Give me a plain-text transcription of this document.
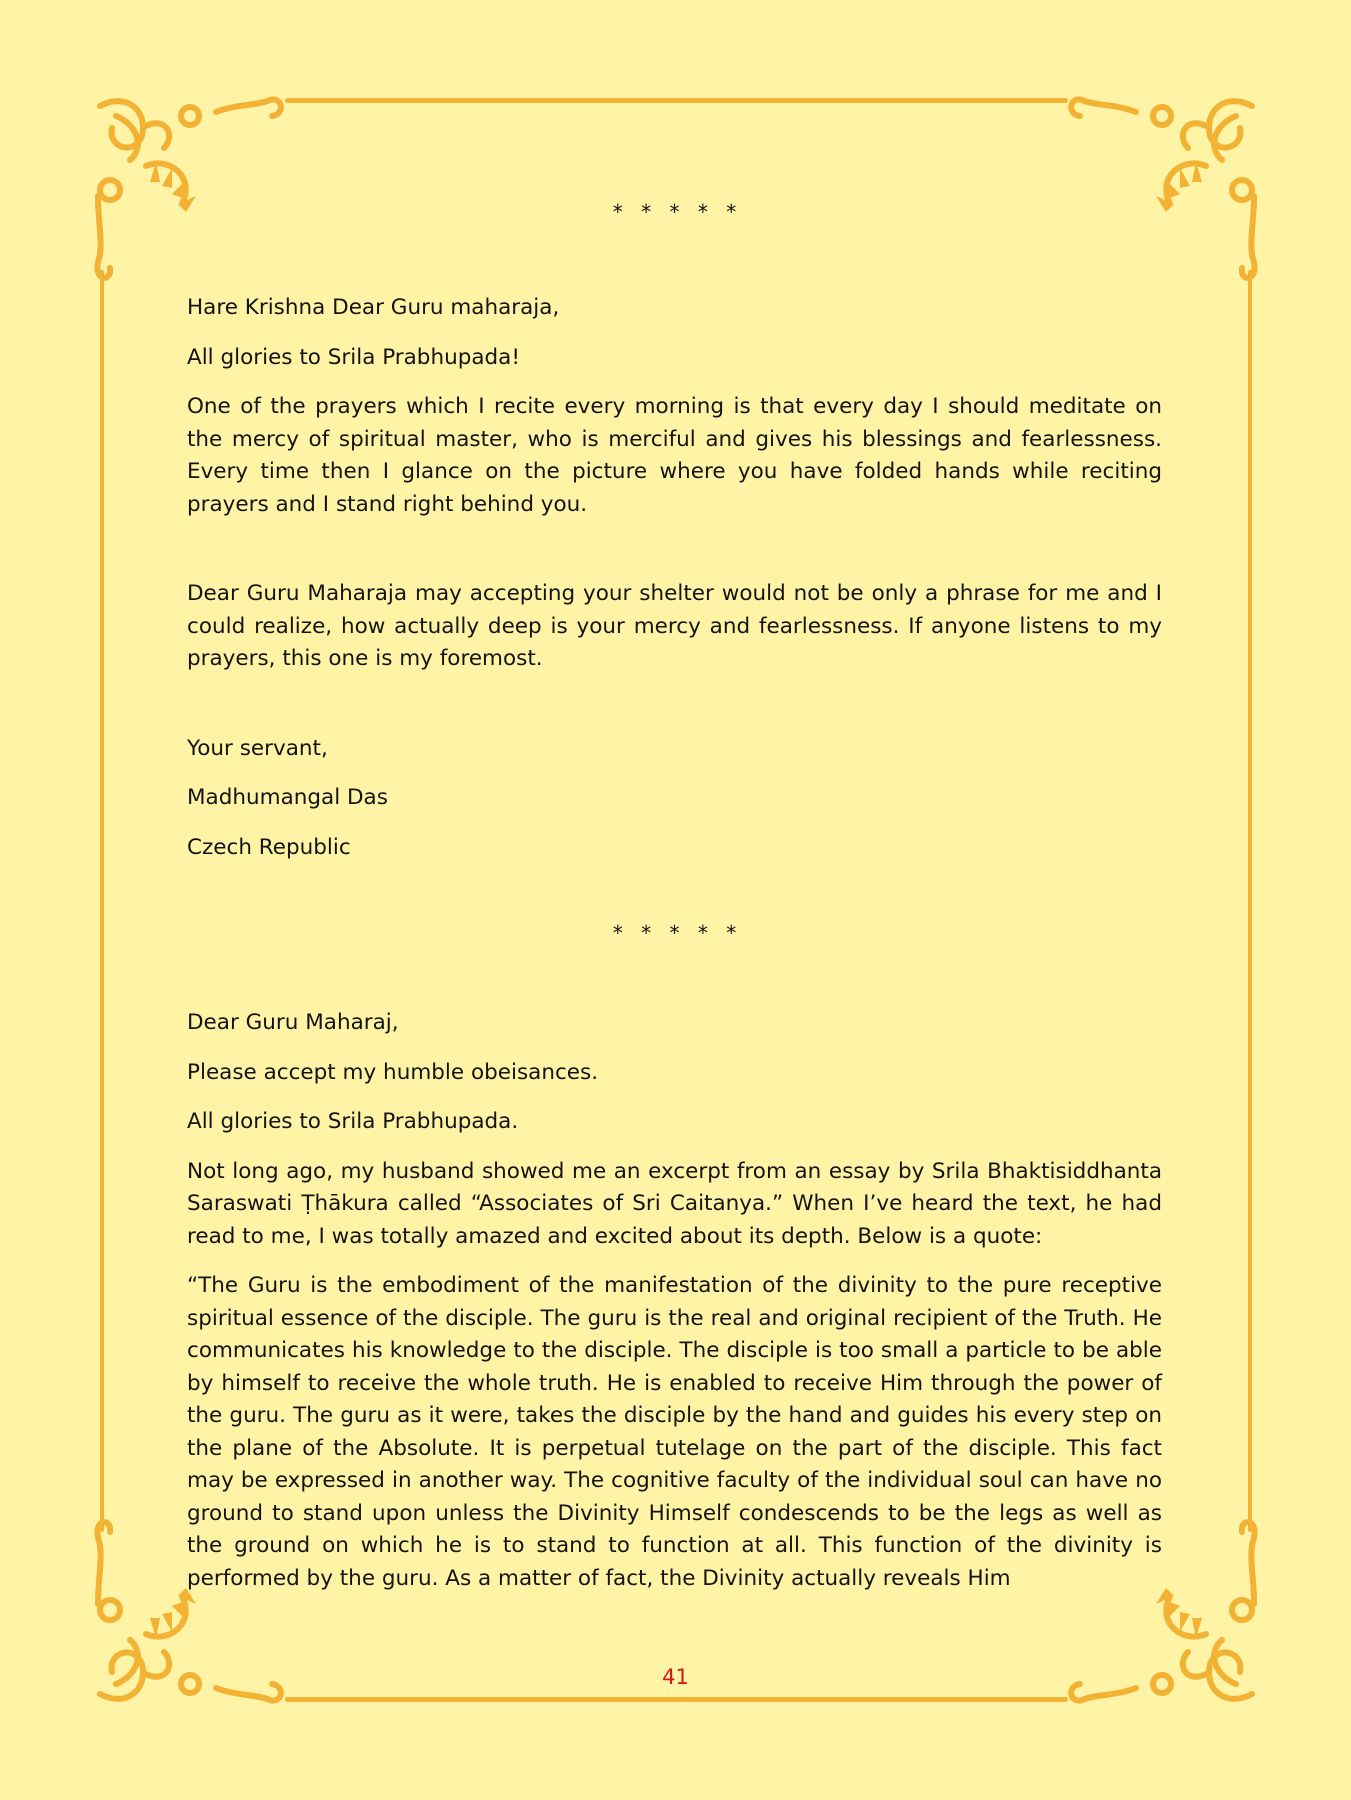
* * * * *

Hare Krishna Dear Guru maharaja,

All glories to Srila Prabhupada!

One of the prayers which I recite every morning is that every day I should meditate on the mercy of spiritual master, who is merciful and gives his blessings and fearlessness. Every time then I glance on the picture where you have folded hands while reciting prayers and I stand right behind you.

Dear Guru Maharaja may accepting your shelter would not be only a phrase for me and I could realize, how actually deep is your mercy and fearlessness. If anyone listens to my prayers, this one is my foremost.

Your servant,

Madhumangal Das

Czech Republic

* * * * *

Dear Guru Maharaj,

Please accept my humble obeisances.

All glories to Srila Prabhupada.

Not long ago, my husband showed me an excerpt from an essay by Srila Bhaktisiddhanta Saraswati Ṭhākura called “Associates of Sri Caitanya.” When I’ve heard the text, he had read to me, I was totally amazed and excited about its depth. Below is a quote:

“The Guru is the embodiment of the manifestation of the divinity to the pure receptive spiritual essence of the disciple. The guru is the real and original recipient of the Truth. He communicates his knowledge to the disciple. The disciple is too small a particle to be able by himself to receive the whole truth. He is enabled to receive Him through the power of the guru. The guru as it were, takes the disciple by the hand and guides his every step on the plane of the Absolute. It is perpetual tutelage on the part of the disciple. This fact may be expressed in another way. The cognitive faculty of the individual soul can have no ground to stand upon unless the Divinity Himself condescends to be the legs as well as the ground on which he is to stand to function at all. This function of the divinity is performed by the guru. As a matter of fact, the Divinity actually reveals Him

41
